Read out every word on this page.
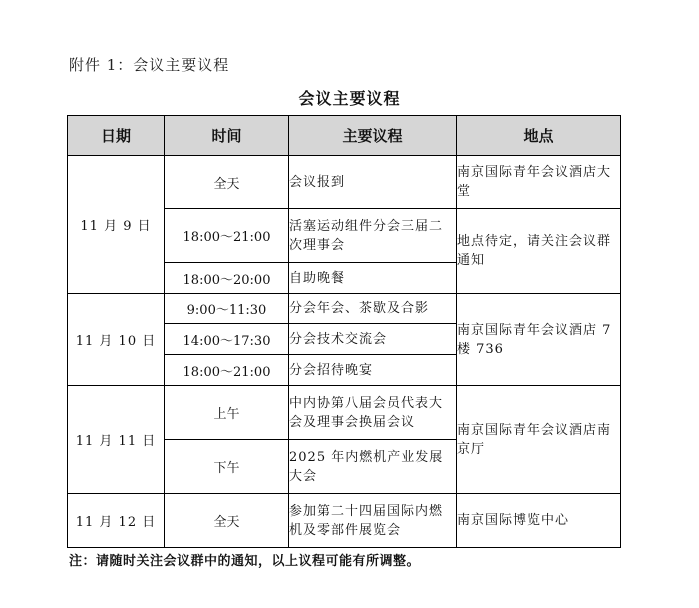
附件 1：会议主要议程
会议主要议程
日期	时间	主要议程	地点
11 月 9 日	全天	会议报到	南京国际青年会议酒店大堂
	18:00～21:00	活塞运动组件分会三届二次理事会	地点待定，请关注会议群通知
	18:00～20:00	自助晚餐	
11 月 10 日	9:00～11:30	分会年会、茶歇及合影	南京国际青年会议酒店 7 楼 736
	14:00～17:30	分会技术交流会	
	18:00～21:00	分会招待晚宴	
11 月 11 日	上午	中内协第八届会员代表大会及理事会换届会议	南京国际青年会议酒店南京厅
	下午	2025 年内燃机产业发展大会	
11 月 12 日	全天	参加第二十四届国际内燃机及零部件展览会	南京国际博览中心
注：请随时关注会议群中的通知，以上议程可能有所调整。
